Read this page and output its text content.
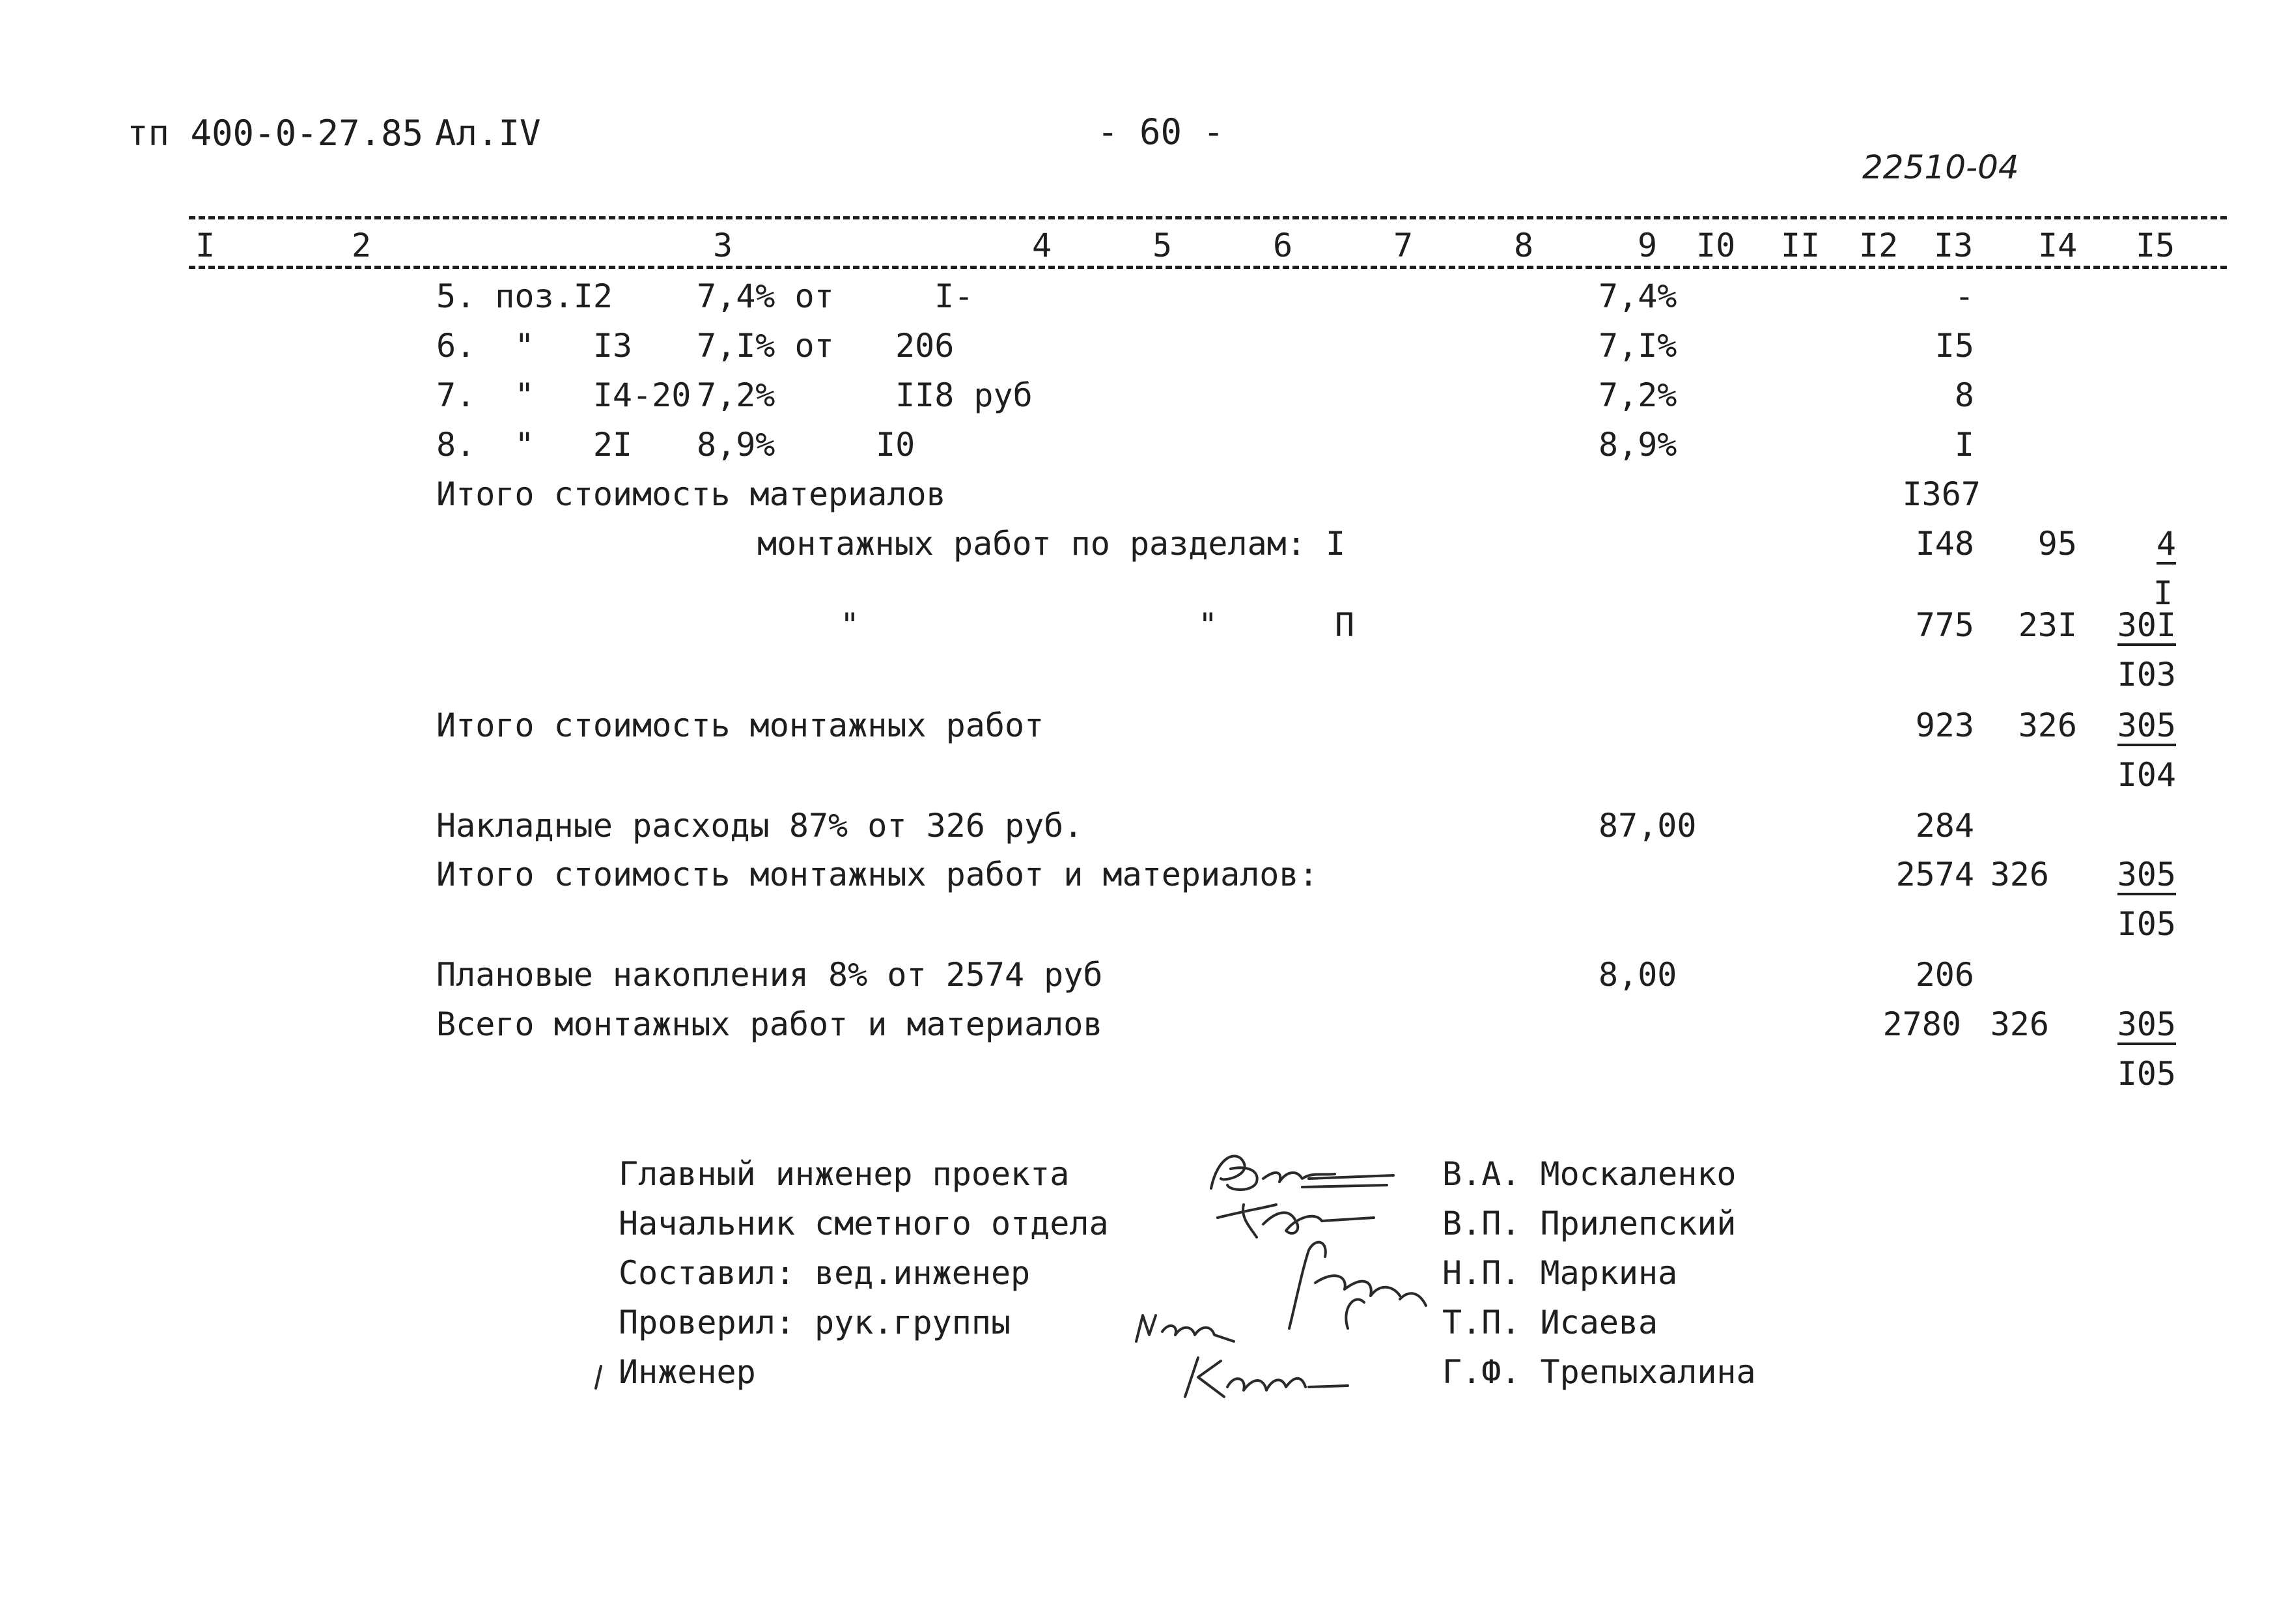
тп 400-0-27.85 Ал.IV	- 60 -
22510-04
I	2	3	4	5	6	7	8	9 I0 II I2 I3 I4 I5
5. поз.I2	7,4% от	I-	7,4%	-
6.  "   I3 7,I% от 206	7,I%	I5
7.  "   I4-20 7,2%	II8 руб	7,2%	8
8.  "   2I 8,9%	I0	8,9%	I
Итого стоимость материалов	I367
монтажных работ по разделам: I	I48 95 4
I
"	"	П	775 23I 30I
I03
Итого стоимость монтажных работ	923 326 305
I04
Накладные расходы 87% от 326 руб.	87,00	284
Итого стоимость монтажных работ и материалов:	2574 326 305
I05
Плановые накопления 8% от 2574 руб	8,00	206
Всего монтажных работ и материалов	2780 326 305
I05
Главный инженер проекта	В.А. Москаленко
Начальник сметного отдела	В.П. Прилепский
Составил: вед.инженер	Н.П. Маркина
Проверил: рук.группы	Т.П. Исаева
Инженер	Г.Ф. Трепыхалина
